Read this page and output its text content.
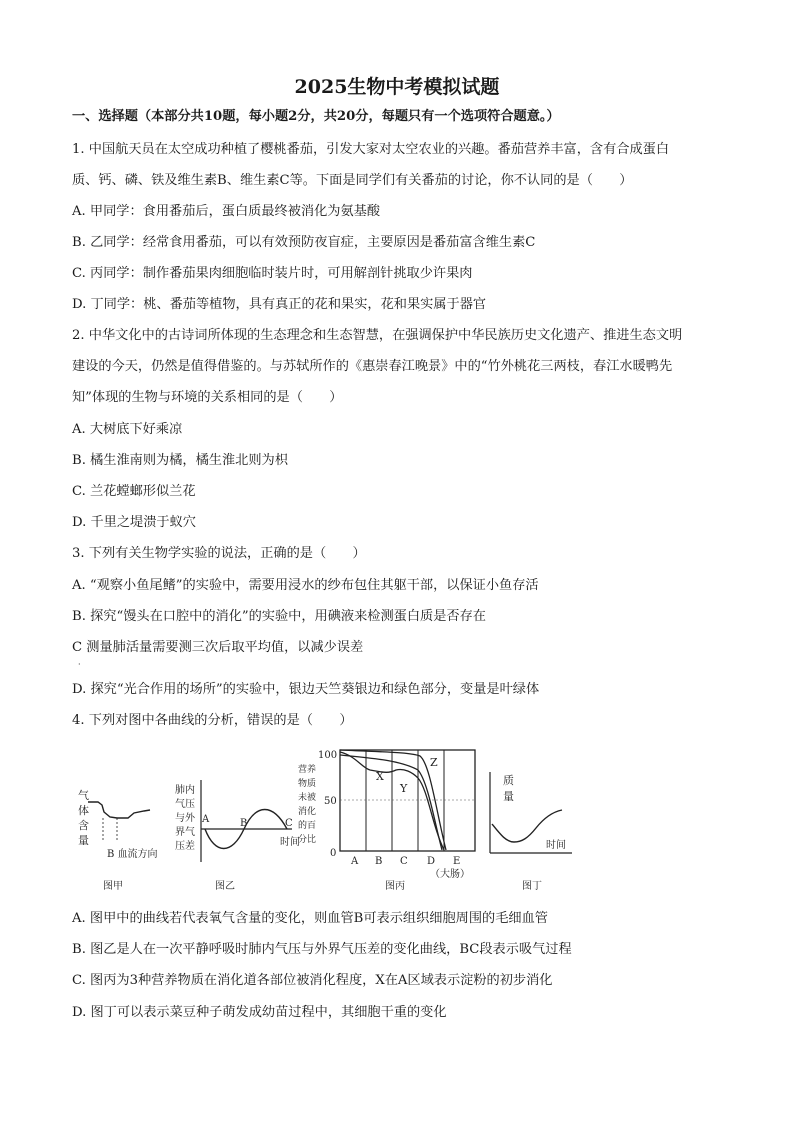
2025生物中考模拟试题
一、选择题（本部分共10题，每小题2分，共20分，每题只有一个选项符合题意。）
1. 中国航天员在太空成功种植了樱桃番茄，引发大家对太空农业的兴趣。番茄营养丰富，含有合成蛋白
质、钙、磷、铁及维生素B、维生素C等。下面是同学们有关番茄的讨论，你不认同的是（　　）
A. 甲同学：食用番茄后，蛋白质最终被消化为氨基酸
B. 乙同学：经常食用番茄，可以有效预防夜盲症，主要原因是番茄富含维生素C
C. 丙同学：制作番茄果肉细胞临时装片时，可用解剖针挑取少许果肉
D. 丁同学：桃、番茄等植物，具有真正的花和果实，花和果实属于器官
2. 中华文化中的古诗词所体现的生态理念和生态智慧，在强调保护中华民族历史文化遗产、推进生态文明
建设的今天，仍然是值得借鉴的。与苏轼所作的《惠崇春江晚景》中的“竹外桃花三两枝，春江水暖鸭先
知”体现的生物与环境的关系相同的是（　　）
A. 大树底下好乘凉
B. 橘生淮南则为橘，橘生淮北则为枳
C. 兰花螳螂形似兰花
D. 千里之堤溃于蚁穴
3. 下列有关生物学实验的说法，正确的是（　　）
A. “观察小鱼尾鳍”的实验中，需要用浸水的纱布包住其躯干部，以保证小鱼存活
B. 探究“馒头在口腔中的消化”的实验中，用碘液来检测蛋白质是否存在
C 测量肺活量需要测三次后取平均值，以减少误差
·
D. 探究“光合作用的场所”的实验中，银边天竺葵银边和绿色部分，变量是叶绿体
4. 下列对图中各曲线的分析，错误的是（　　）
气
体
含
量
B 血流方向
图甲
肺内
气压
与外
界气
压差
A	B	C
时间
图乙
营养
物质
未被
消化
的百
分比
100
50
0
X
Y
Z
A B C D E
（大肠）
图丙
质
量
时间
图丁
A. 图甲中的曲线若代表氧气含量的变化，则血管B可表示组织细胞周围的毛细血管
B. 图乙是人在一次平静呼吸时肺内气压与外界气压差的变化曲线，BC段表示吸气过程
C. 图丙为3种营养物质在消化道各部位被消化程度，X在A区域表示淀粉的初步消化
D. 图丁可以表示菜豆种子萌发成幼苗过程中，其细胞干重的变化
